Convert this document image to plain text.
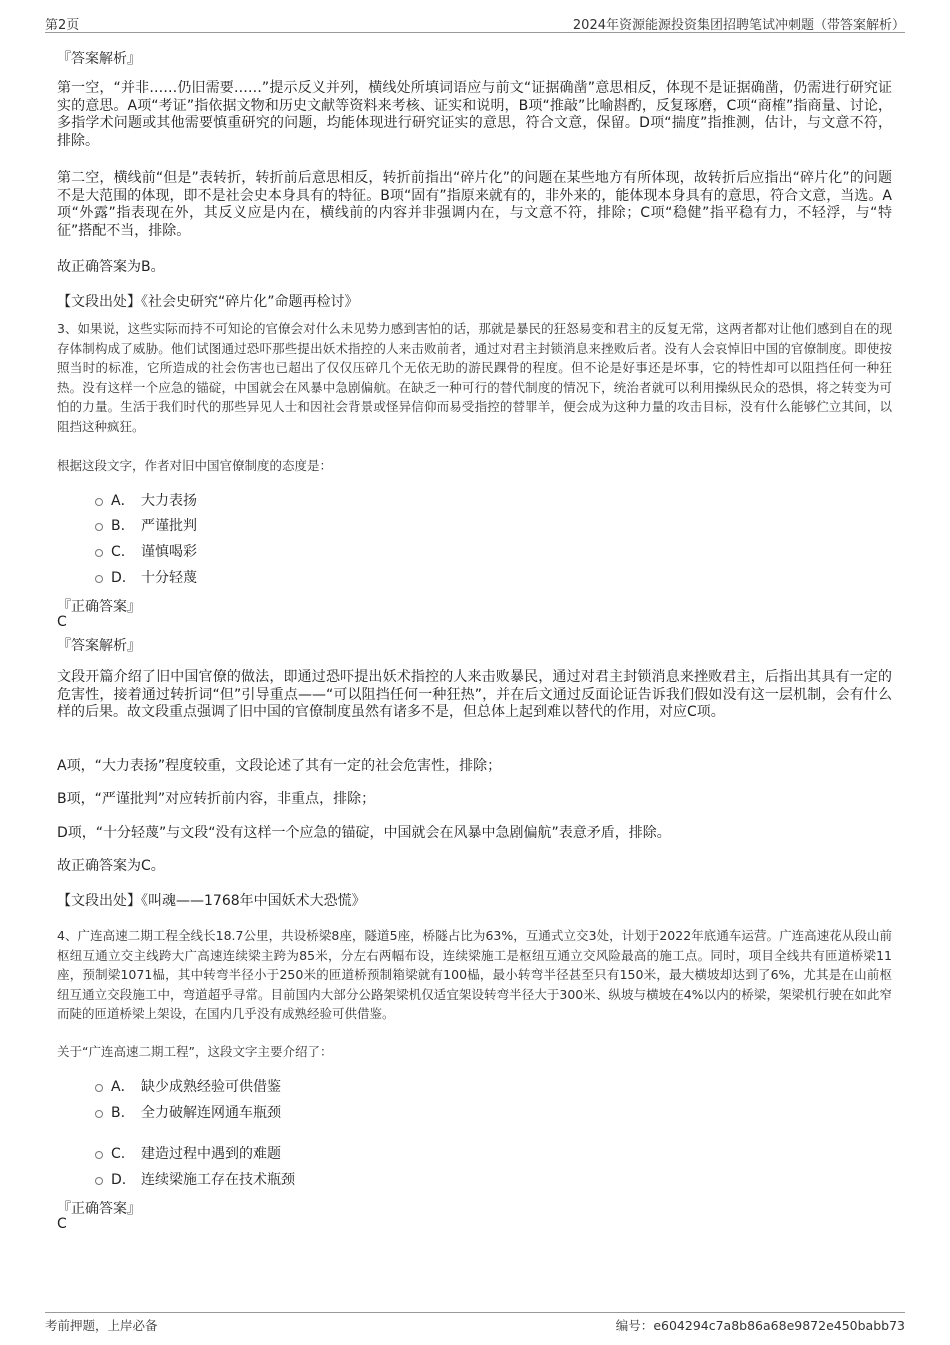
第2页	2024年资源能源投资集团招聘笔试冲刺题（带答案解析）
『答案解析』

第一空，“并非……仍旧需要……”提示反义并列，横线处所填词语应与前文“证据确凿”意思相反，体现不是证据确凿，仍需进行研究证实的意思。A项“考证”指依据文物和历史文献等资料来考核、证实和说明，B项“推敲”比喻斟酌，反复琢磨，C项“商榷”指商量、讨论，多指学术问题或其他需要慎重研究的问题，均能体现进行研究证实的意思，符合文意，保留。D项“揣度”指推测，估计，与文意不符，排除。

第二空，横线前“但是”表转折，转折前后意思相反，转折前指出“碎片化”的问题在某些地方有所体现，故转折后应指出“碎片化”的问题不是大范围的体现，即不是社会史本身具有的特征。B项“固有”指原来就有的，非外来的，能体现本身具有的意思，符合文意，当选。A项“外露”指表现在外，其反义应是内在，横线前的内容并非强调内在，与文意不符，排除；C项“稳健”指平稳有力，不轻浮，与“特征”搭配不当，排除。

故正确答案为B。

【文段出处】《社会史研究“碎片化”命题再检讨》

3、如果说，这些实际而持不可知论的官僚会对什么未见势力感到害怕的话，那就是暴民的狂怒易变和君主的反复无常，这两者都对让他们感到自在的现存体制构成了威胁。他们试图通过恐吓那些提出妖术指控的人来击败前者，通过对君主封锁消息来挫败后者。没有人会哀悼旧中国的官僚制度。即使按照当时的标准，它所造成的社会伤害也已超出了仅仅压碎几个无依无助的游民踝骨的程度。但不论是好事还是坏事，它的特性却可以阻挡任何一种狂热。没有这样一个应急的锚碇，中国就会在风暴中急剧偏航。在缺乏一种可行的替代制度的情况下，统治者就可以利用操纵民众的恐惧，将之转变为可怕的力量。生活于我们时代的那些异见人士和因社会背景或怪异信仰而易受指控的替罪羊，便会成为这种力量的攻击目标，没有什么能够伫立其间，以阻挡这种疯狂。

根据这段文字，作者对旧中国官僚制度的态度是：
A． 大力表扬
B. 严谨批判
C. 谨慎喝彩
D. 十分轻蔑
『正确答案』
C
『答案解析』

文段开篇介绍了旧中国官僚的做法，即通过恐吓提出妖术指控的人来击败暴民，通过对君主封锁消息来挫败君主，后指出其具有一定的危害性，接着通过转折词“但”引导重点——“可以阻挡任何一种狂热”，并在后文通过反面论证告诉我们假如没有这一层机制，会有什么样的后果。故文段重点强调了旧中国的官僚制度虽然有诸多不是，但总体上起到难以替代的作用，对应C项。

A项，“大力表扬”程度较重，文段论述了其有一定的社会危害性，排除；

B项，“严谨批判”对应转折前内容，非重点，排除；

D项，“十分轻蔑”与文段“没有这样一个应急的锚碇，中国就会在风暴中急剧偏航”表意矛盾，排除。

故正确答案为C。

【文段出处】《叫魂——1768年中国妖术大恐慌》

4、广连高速二期工程全线长18.7公里，共设桥梁8座，隧道5座，桥隧占比为63%，互通式立交3处，计划于2022年底通车运营。广连高速花从段山前枢纽互通立交主线跨大广高速连续梁主跨为85米，分左右两幅布设，连续梁施工是枢纽互通立交风险最高的施工点。同时，项目全线共有匝道桥梁11座，预制梁1071榀，其中转弯半径小于250米的匝道桥预制箱梁就有100榀，最小转弯半径甚至只有150米，最大横坡却达到了6%，尤其是在山前枢纽互通立交段施工中，弯道超乎寻常。目前国内大部分公路架梁机仅适宜架设转弯半径大于300米、纵坡与横坡在4%以内的桥梁，架梁机行驶在如此窄而陡的匝道桥梁上架设，在国内几乎没有成熟经验可供借鉴。

关于“广连高速二期工程”，这段文字主要介绍了：
A． 缺少成熟经验可供借鉴
B. 全力破解连网通车瓶颈
C. 建造过程中遇到的难题
D. 连续梁施工存在技术瓶颈
『正确答案』
C
考前押题，上岸必备	编号：e604294c7a8b86a68e9872e450babb73
